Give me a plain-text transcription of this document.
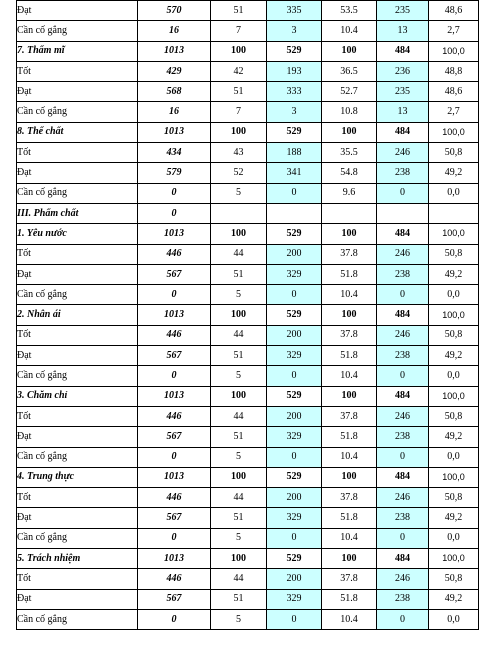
Đạt	570	51	335	53.5	235	48,6
Cần cố gắng	16	7	3	10.4	13	2,7
7. Thẩm mĩ	1013	100	529	100	484	100,0
Tốt	429	42	193	36.5	236	48,8
Đạt	568	51	333	52.7	235	48,6
Cần cố gắng	16	7	3	10.8	13	2,7
8. Thể chất	1013	100	529	100	484	100,0
Tốt	434	43	188	35.5	246	50,8
Đạt	579	52	341	54.8	238	49,2
Cần cố gắng	0	5	0	9.6	0	0,0
III. Phẩm chất	0					
1. Yêu nước	1013	100	529	100	484	100,0
Tốt	446	44	200	37.8	246	50,8
Đạt	567	51	329	51.8	238	49,2
Cần cố gắng	0	5	0	10.4	0	0,0
2. Nhân ái	1013	100	529	100	484	100,0
Tốt	446	44	200	37.8	246	50,8
Đạt	567	51	329	51.8	238	49,2
Cần cố gắng	0	5	0	10.4	0	0,0
3. Chăm chỉ	1013	100	529	100	484	100,0
Tốt	446	44	200	37.8	246	50,8
Đạt	567	51	329	51.8	238	49,2
Cần cố gắng	0	5	0	10.4	0	0,0
4. Trung thực	1013	100	529	100	484	100,0
Tốt	446	44	200	37.8	246	50,8
Đạt	567	51	329	51.8	238	49,2
Cần cố gắng	0	5	0	10.4	0	0,0
5. Trách nhiệm	1013	100	529	100	484	100,0
Tốt	446	44	200	37.8	246	50,8
Đạt	567	51	329	51.8	238	49,2
Cần cố gắng	0	5	0	10.4	0	0,0
